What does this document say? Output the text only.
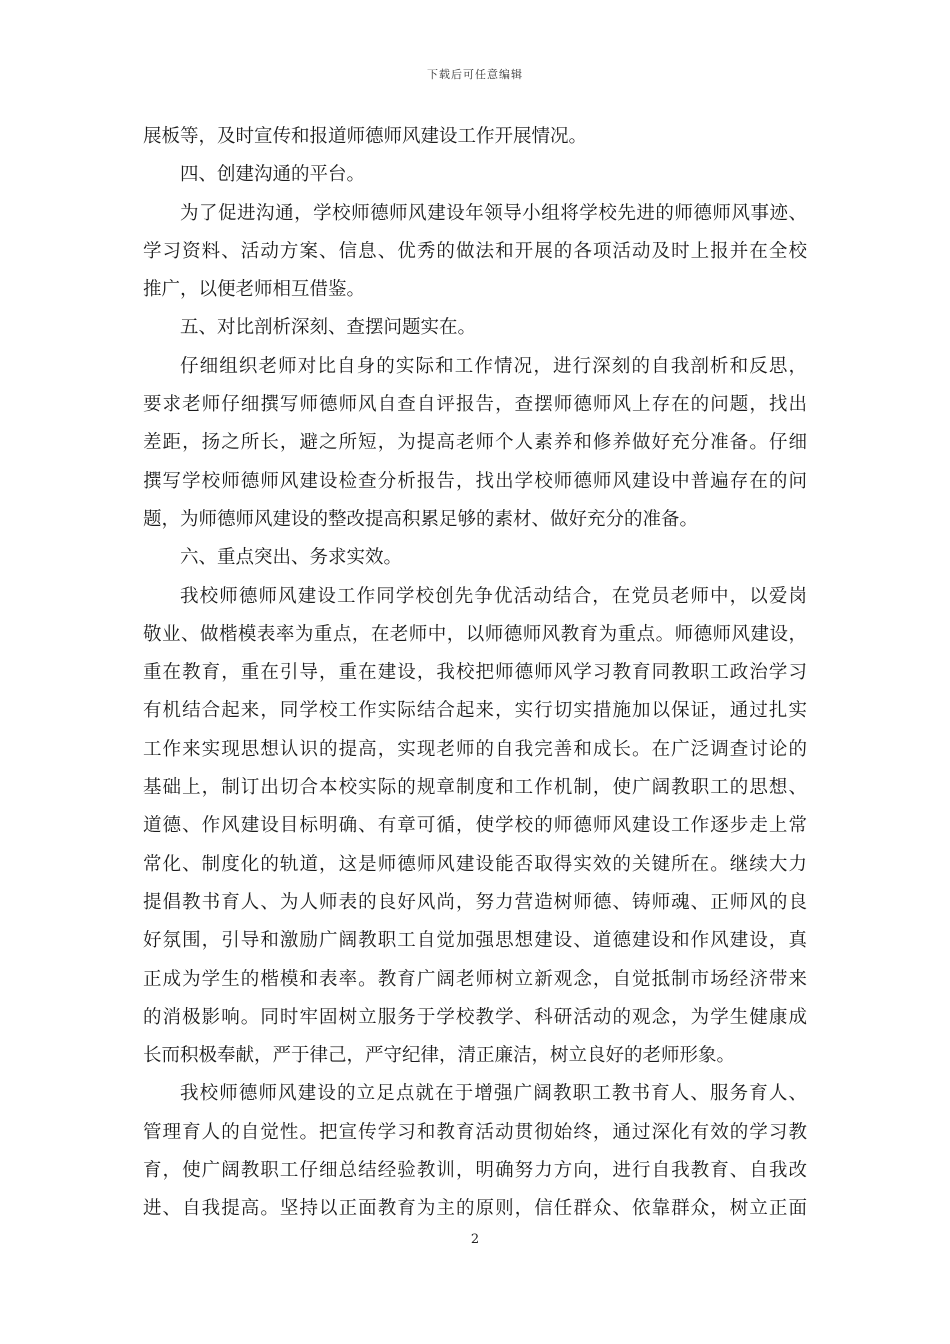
下载后可任意编辑
展板等，及时宣传和报道师德师风建设工作开展情况。
四、创建沟通的平台。
为了促进沟通，学校师德师风建设年领导小组将学校先进的师德师风事迹、
学习资料、活动方案、信息、优秀的做法和开展的各项活动及时上报并在全校
推广，以便老师相互借鉴。
五、对比剖析深刻、查摆问题实在。
仔细组织老师对比自身的实际和工作情况，进行深刻的自我剖析和反思，
要求老师仔细撰写师德师风自查自评报告，查摆师德师风上存在的问题，找出
差距，扬之所长，避之所短，为提高老师个人素养和修养做好充分准备。仔细
撰写学校师德师风建设检查分析报告，找出学校师德师风建设中普遍存在的问
题，为师德师风建设的整改提高积累足够的素材、做好充分的准备。
六、重点突出、务求实效。
我校师德师风建设工作同学校创先争优活动结合，在党员老师中，以爱岗
敬业、做楷模表率为重点，在老师中，以师德师风教育为重点。师德师风建设，
重在教育，重在引导，重在建设，我校把师德师风学习教育同教职工政治学习
有机结合起来，同学校工作实际结合起来，实行切实措施加以保证，通过扎实
工作来实现思想认识的提高，实现老师的自我完善和成长。在广泛调查讨论的
基础上，制订出切合本校实际的规章制度和工作机制，使广阔教职工的思想、
道德、作风建设目标明确、有章可循，使学校的师德师风建设工作逐步走上常
常化、制度化的轨道，这是师德师风建设能否取得实效的关键所在。继续大力
提倡教书育人、为人师表的良好风尚，努力营造树师德、铸师魂、正师风的良
好氛围，引导和激励广阔教职工自觉加强思想建设、道德建设和作风建设，真
正成为学生的楷模和表率。教育广阔老师树立新观念，自觉抵制市场经济带来
的消极影响。同时牢固树立服务于学校教学、科研活动的观念，为学生健康成
长而积极奉献，严于律己，严守纪律，清正廉洁，树立良好的老师形象。
我校师德师风建设的立足点就在于增强广阔教职工教书育人、服务育人、
管理育人的自觉性。把宣传学习和教育活动贯彻始终，通过深化有效的学习教
育，使广阔教职工仔细总结经验教训，明确努力方向，进行自我教育、自我改
进、自我提高。坚持以正面教育为主的原则，信任群众、依靠群众，树立正面
2
